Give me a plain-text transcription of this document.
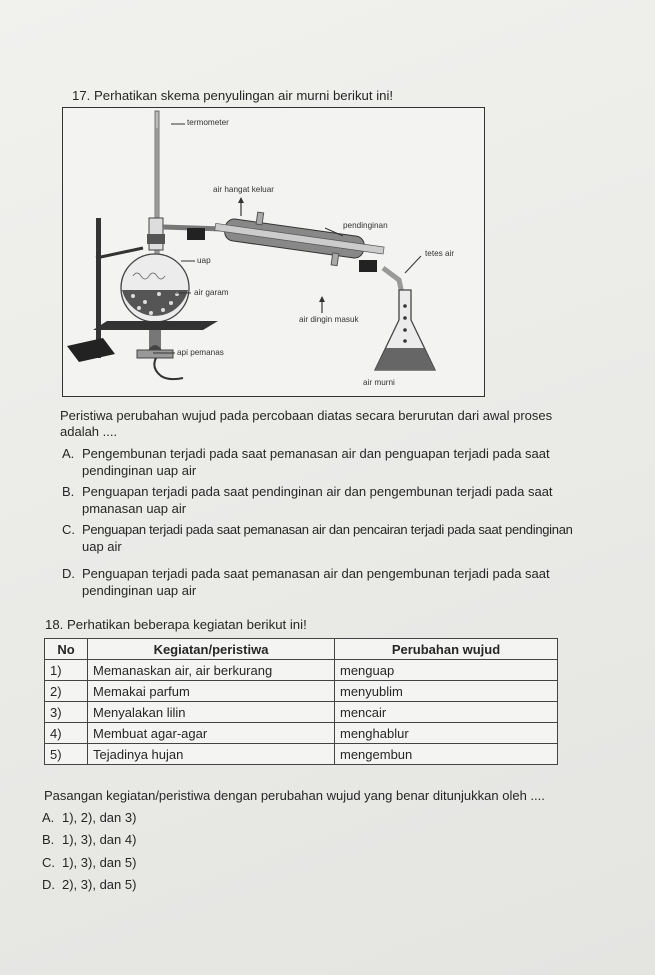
17. Perhatikan skema penyulingan air murni berikut ini!
termometer
air hangat keluar
pendinginan
tetes air
uap
air garam
air dingin masuk
api pemanas
air murni
Peristiwa perubahan wujud pada percobaan diatas secara berurutan dari awal proses
adalah ....
A. Pengembunan terjadi pada saat pemanasan air dan penguapan terjadi pada saat
pendinginan uap air
B. Penguapan terjadi pada saat pendinginan air dan pengembunan terjadi pada saat
pmanasan uap air
C. Penguapan terjadi pada saat pemanasan air dan pencairan terjadi pada saat pendinginan
uap air
D. Penguapan terjadi pada saat pemanasan air dan pengembunan terjadi pada saat
pendinginan uap air
18. Perhatikan beberapa kegiatan berikut ini!
No	Kegiatan/peristiwa	Perubahan wujud
1)	Memanaskan air, air berkurang	menguap
2)	Memakai parfum	menyublim
3)	Menyalakan lilin	mencair
4)	Membuat agar-agar	menghablur
5)	Tejadinya hujan	mengembun
Pasangan kegiatan/peristiwa dengan perubahan wujud yang benar ditunjukkan oleh ....
A. 1), 2), dan 3)
B. 1), 3), dan 4)
C. 1), 3), dan 5)
D. 2), 3), dan 5)
